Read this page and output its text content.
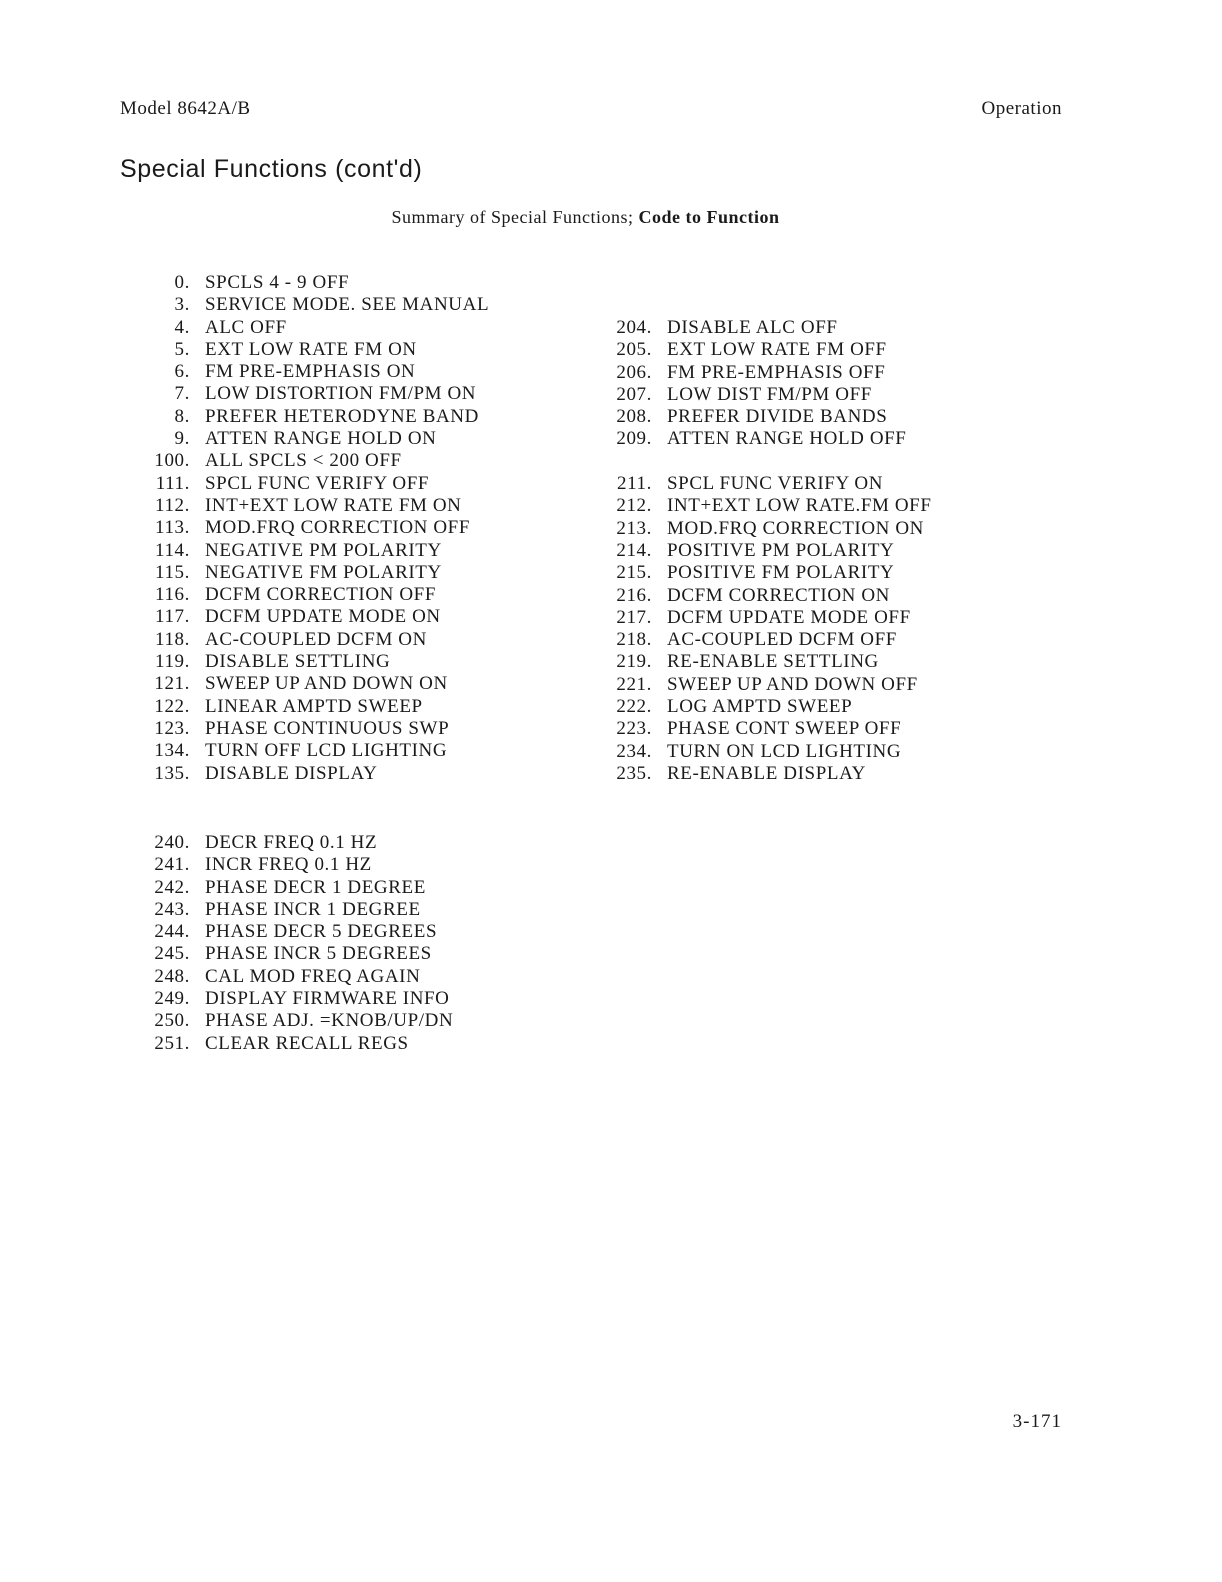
Model 8642A/B	Operation
Special Functions (cont'd)
Summary of Special Functions; Code to Function
0. SPCLS 4 - 9 OFF
3. SERVICE MODE. SEE MANUAL
4. ALC OFF
5. EXT LOW RATE FM ON
6. FM PRE-EMPHASIS ON
7. LOW DISTORTION FM/PM ON
8. PREFER HETERODYNE BAND
9. ATTEN RANGE HOLD ON
100. ALL SPCLS < 200 OFF
111. SPCL FUNC VERIFY OFF
112. INT+EXT LOW RATE FM ON
113. MOD.FRQ CORRECTION OFF
114. NEGATIVE PM POLARITY
115. NEGATIVE FM POLARITY
116. DCFM CORRECTION OFF
117. DCFM UPDATE MODE ON
118. AC-COUPLED DCFM ON
119. DISABLE SETTLING
121. SWEEP UP AND DOWN ON
122. LINEAR AMPTD SWEEP
123. PHASE CONTINUOUS SWP
134. TURN OFF LCD LIGHTING
135. DISABLE DISPLAY
204. DISABLE ALC OFF
205. EXT LOW RATE FM OFF
206. FM PRE-EMPHASIS OFF
207. LOW DIST FM/PM OFF
208. PREFER DIVIDE BANDS
209. ATTEN RANGE HOLD OFF
211. SPCL FUNC VERIFY ON
212. INT+EXT LOW RATE.FM OFF
213. MOD.FRQ CORRECTION ON
214. POSITIVE PM POLARITY
215. POSITIVE FM POLARITY
216. DCFM CORRECTION ON
217. DCFM UPDATE MODE OFF
218. AC-COUPLED DCFM OFF
219. RE-ENABLE SETTLING
221. SWEEP UP AND DOWN OFF
222. LOG AMPTD SWEEP
223. PHASE CONT SWEEP OFF
234. TURN ON LCD LIGHTING
235. RE-ENABLE DISPLAY
240. DECR FREQ 0.1 HZ
241. INCR FREQ 0.1 HZ
242. PHASE DECR 1 DEGREE
243. PHASE INCR 1 DEGREE
244. PHASE DECR 5 DEGREES
245. PHASE INCR 5 DEGREES
248. CAL MOD FREQ AGAIN
249. DISPLAY FIRMWARE INFO
250. PHASE ADJ. =KNOB/UP/DN
251. CLEAR RECALL REGS
3-171
